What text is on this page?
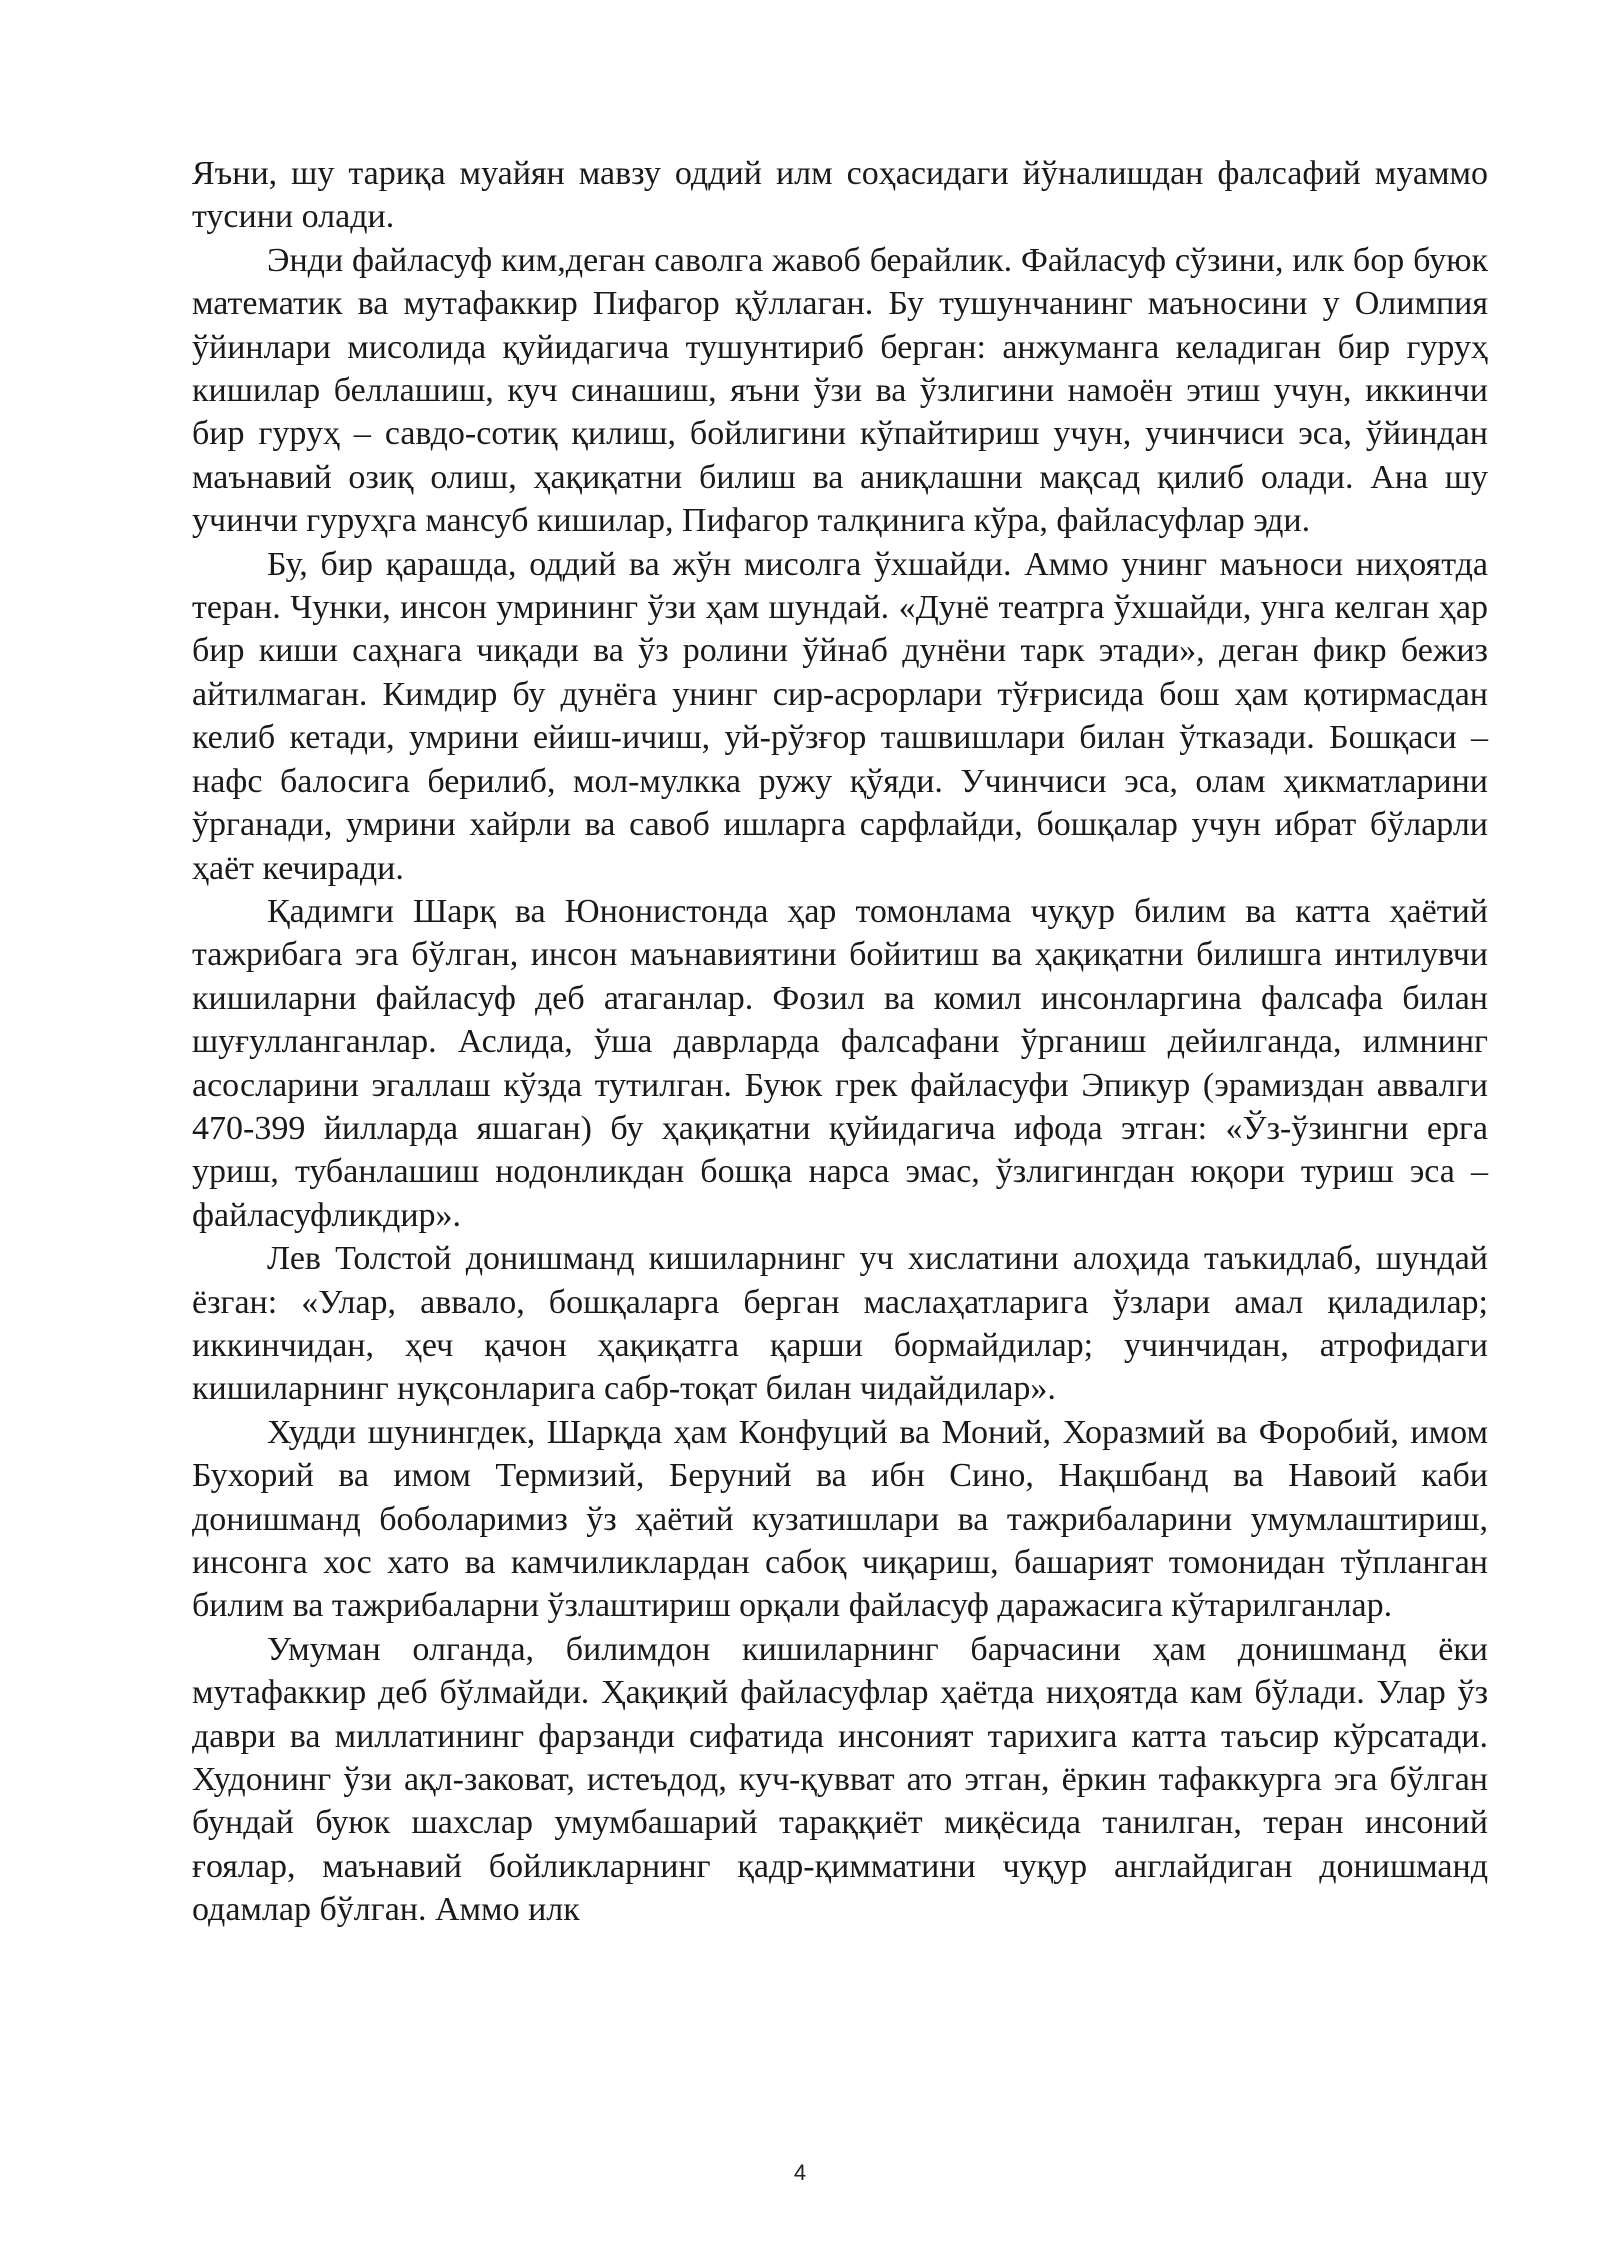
Яъни, шу тариқа муайян мавзу оддий илм соҳасидаги йўналишдан фалсафий муаммо тусини олади.

Энди файласуф ким,деган саволга жавоб берайлик. Файласуф сўзини, илк бор буюк математик ва мутафаккир Пифагор қўллаган. Бу тушунчанинг маъносини у Олимпия ўйинлари мисолида қуйидагича тушунтириб берган: анжуманга келадиган бир гуруҳ кишилар беллашиш, куч синашиш, яъни ўзи ва ўзлигини намоён этиш учун, иккинчи бир гуруҳ – савдо-сотиқ қилиш, бойлигини кўпайтириш учун, учинчиси эса, ўйиндан маънавий озиқ олиш, ҳақиқатни билиш ва аниқлашни мақсад қилиб олади. Ана шу учинчи гуруҳга мансуб кишилар, Пифагор талқинига кўра, файласуфлар эди.

Бу, бир қарашда, оддий ва жўн мисолга ўхшайди. Аммо унинг маъноси ниҳоятда теран. Чунки, инсон умрининг ўзи ҳам шундай. «Дунё театрга ўхшайди, унга келган ҳар бир киши саҳнага чиқади ва ўз ролини ўйнаб дунёни тарк этади», деган фикр бежиз айтилмаган. Кимдир бу дунёга унинг сир-асрорлари тўғрисида бош ҳам қотирмасдан келиб кетади, умрини ейиш-ичиш, уй-рўзғор ташвишлари билан ўтказади. Бошқаси – нафс балосига берилиб, мол-мулкка ружу қўяди. Учинчиси эса, олам ҳикматларини ўрганади, умрини хайрли ва савоб ишларга сарфлайди, бошқалар учун ибрат бўларли ҳаёт кечиради.

Қадимги Шарқ ва Юнонистонда ҳар томонлама чуқур билим ва катта ҳаётий тажрибага эга бўлган, инсон маънавиятини бойитиш ва ҳақиқатни билишга интилувчи кишиларни файласуф деб атаганлар. Фозил ва комил инсонларгина фалсафа билан шуғулланганлар. Аслида, ўша даврларда фалсафани ўрганиш дейилганда, илмнинг асосларини эгаллаш кўзда тутилган. Буюк грек файласуфи Эпикур (эрамиздан аввалги 470-399 йилларда яшаган) бу ҳақиқатни қуйидагича ифода этган: «Ўз-ўзингни ерга уриш, тубанлашиш нодонликдан бошқа нарса эмас, ўзлигингдан юқори туриш эса – файласуфликдир».

Лев Толстой донишманд кишиларнинг уч хислатини алоҳида таъкидлаб, шундай ёзган: «Улар, аввало, бошқаларга берган маслаҳатларига ўзлари амал қиладилар; иккинчидан, ҳеч қачон ҳақиқатга қарши бормайдилар; учинчидан, атрофидаги кишиларнинг нуқсонларига сабр-тоқат билан чидайдилар».

Худди шунингдек, Шарқда ҳам Конфуций ва Моний, Хоразмий ва Форобий, имом Бухорий ва имом Термизий, Беруний ва ибн Сино, Нақшбанд ва Навоий каби донишманд боболаримиз ўз ҳаётий кузатишлари ва тажрибаларини умумлаштириш, инсонга хос хато ва камчиликлардан сабоқ чиқариш, башарият томонидан тўпланган билим ва тажрибаларни ўзлаштириш орқали файласуф даражасига кўтарилганлар.

Умуман олганда, билимдон кишиларнинг барчасини ҳам донишманд ёки мутафаккир деб бўлмайди. Ҳақиқий файласуфлар ҳаётда ниҳоятда кам бўлади. Улар ўз даври ва миллатининг фарзанди сифатида инсоният тарихига катта таъсир кўрсатади. Худонинг ўзи ақл-заковат, истеъдод, куч-қувват ато этган, ёркин тафаккурга эга бўлган бундай буюк шахслар умумбашарий тараққиёт миқёсида танилган, теран инсоний ғоялар, маънавий бойликларнинг қадр-қимматини чуқур англайдиган донишманд одамлар бўлган. Аммо илк

4
